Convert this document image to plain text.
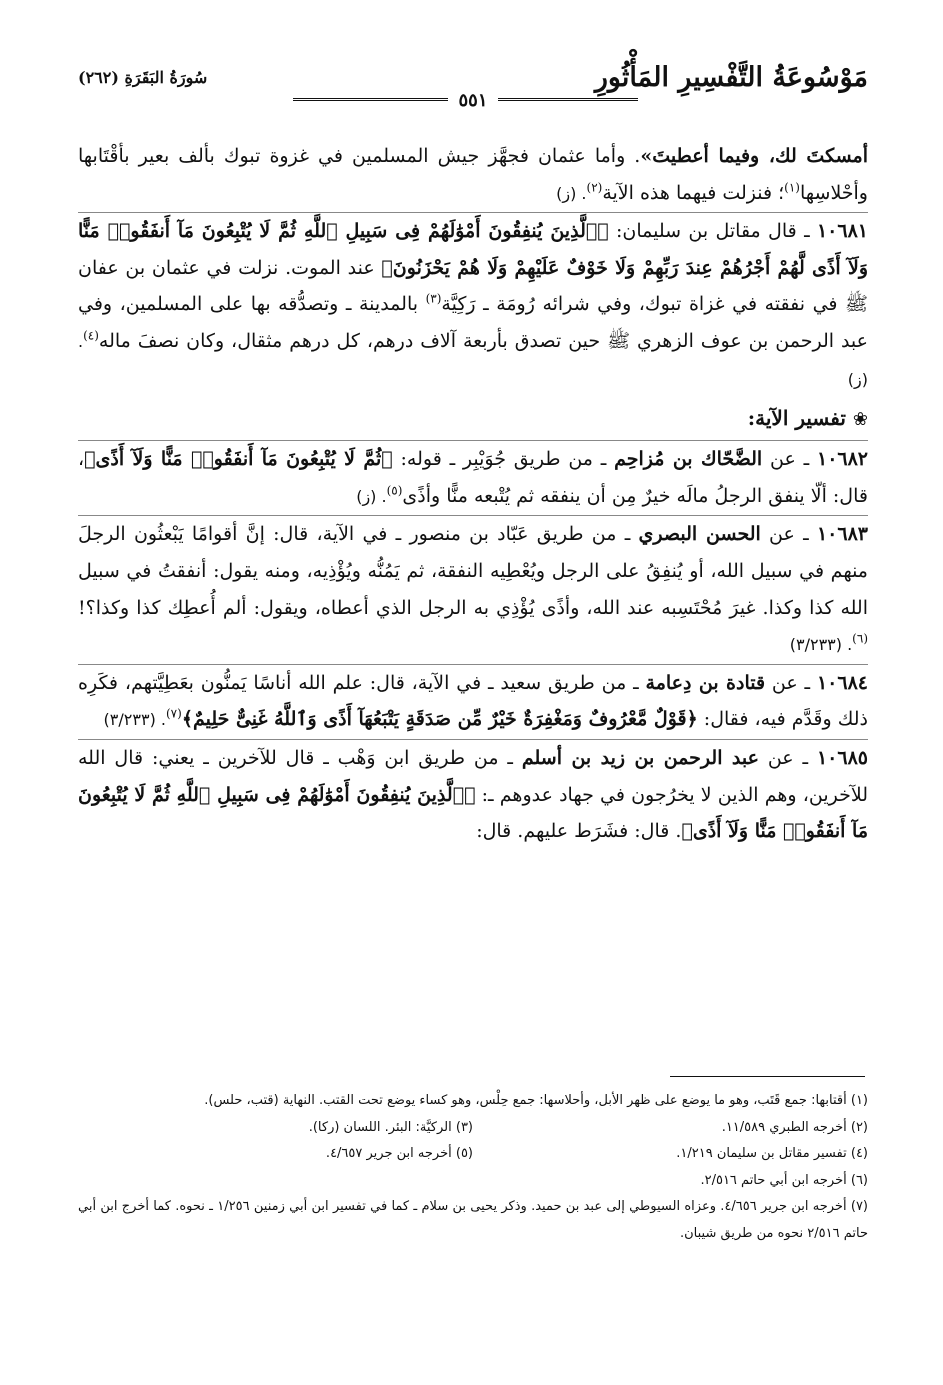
مَوْسُوعَةُ التَّفْسِيرِ المَأْثُورِ
سُورَةُ البَقَرَةِ (٢٦٢)
٥٥١

أمسكتَ لك، وفيما أعطيتَ». وأما عثمان فجهَّز جيش المسلمين في غزوة تبوك بألف بعير بأقْتَابها وأحْلاسِها$^{(١)}$؛ فنزلت فيهما هذه الآية$^{(٢)}$. (ز)

١٠٦٨١ ـ قال مقاتل بن سليمان: ﴿ٱلَّذِينَ يُنفِقُونَ أَمْوَٰلَهُمْ فِى سَبِيلِ ٱللَّهِ ثُمَّ لَا يُتْبِعُونَ مَآ أَنفَقُوا۟ مَنًّا وَلَآ أَذًى لَّهُمْ أَجْرُهُمْ عِندَ رَبِّهِمْ وَلَا خَوْفٌ عَلَيْهِمْ وَلَا هُمْ يَحْزَنُونَ﴾ عند الموت. نزلت في عثمان بن عفان ﷺ في نفقته في غزاة تبوك، وفي شرائه رُومَة ـ رَكِيَّة$^{(٣)}$ بالمدينة ـ وتصدُّقه بها على المسلمين، وفي عبد الرحمن بن عوف الزهري ﷺ حين تصدق بأربعة آلاف درهم، كل درهم مثقال، وكان نصفَ ماله$^{(٤)}$. (ز)

❀ تفسير الآية:

١٠٦٨٢ ـ عن الضَّحّاك بن مُزاحِم ـ من طريق جُوَيْبِر ـ قوله: ﴿ثُمَّ لَا يُتْبِعُونَ مَآ أَنفَقُوا۟ مَنًّا وَلَآ أَذًى﴾، قال: ألّا ينفق الرجلُ مالَه خيرٌ مِن أن ينفقه ثم يُتْبعه منًّا وأذًى$^{(٥)}$. (ز)

١٠٦٨٣ ـ عن الحسن البصري ـ من طريق عَبّاد بن منصور ـ في الآية، قال: إنَّ أقوامًا يَبْعثُون الرجلَ منهم في سبيل الله، أو يُنفِقُ على الرجل ويُعْطِيه النفقة، ثم يَمُنُّه ويُؤْذِيه، ومنه يقول: أنفقتُ في سبيل الله كذا وكذا. غيرَ مُحْتَسِبه عند الله، وأذًى يُؤْذِي به الرجل الذي أعطاه، ويقول: ألم أُعطِك كذا وكذا؟!$^{(٦)}$. (٣/٢٣٣)

١٠٦٨٤ ـ عن قتادة بن دِعامة ـ من طريق سعيد ـ في الآية، قال: علم الله أناسًا يَمنُّون بعَطِيَّتهم، فكَرِه ذلك وقَدَّم فيه، فقال: ﴿قَوْلٌ مَّعْرُوفٌ وَمَغْفِرَةٌ خَيْرٌ مِّن صَدَقَةٍ يَتْبَعُهَآ أَذًى وَٱللَّهُ غَنِىٌّ حَلِيمٌ﴾$^{(٧)}$. (٣/٢٣٣)

١٠٦٨٥ ـ عن عبد الرحمن بن زيد بن أسلم ـ من طريق ابن وَهْب ـ قال للآخرين ـ يعني: قال الله للآخرين، وهم الذين لا يخرُجون في جهاد عدوهم ـ: ﴿ٱلَّذِينَ يُنفِقُونَ أَمْوَٰلَهُمْ فِى سَبِيلِ ٱللَّهِ ثُمَّ لَا يُتْبِعُونَ مَآ أَنفَقُوا۟ مَنًّا وَلَآ أَذًى﴾. قال: فشَرَط عليهم. قال:

(١) أقتابها: جمع قَتَب، وهو ما يوضع على ظهر الأبل، وأحلاسها: جمع حِلْس، وهو كساء يوضع تحت القتب. النهاية (قتب، حلس).

(٢) أخرجه الطبري ١١/٥٨٩.
(٣) الركيَّة: البئر. اللسان (ركا).
(٤) تفسير مقاتل بن سليمان ١/٢١٩.
(٥) أخرجه ابن جرير ٤/٦٥٧.

(٦) أخرجه ابن أبي حاتم ٢/٥١٦.

(٧) أخرجه ابن جرير ٤/٦٥٦. وعزاه السيوطي إلى عبد بن حميد. وذكر يحيى بن سلام ـ كما في تفسير ابن أبي زمنين ١/٢٥٦ ـ نحوه. كما أخرج ابن أبي حاتم ٢/٥١٦ نحوه من طريق شيبان.
